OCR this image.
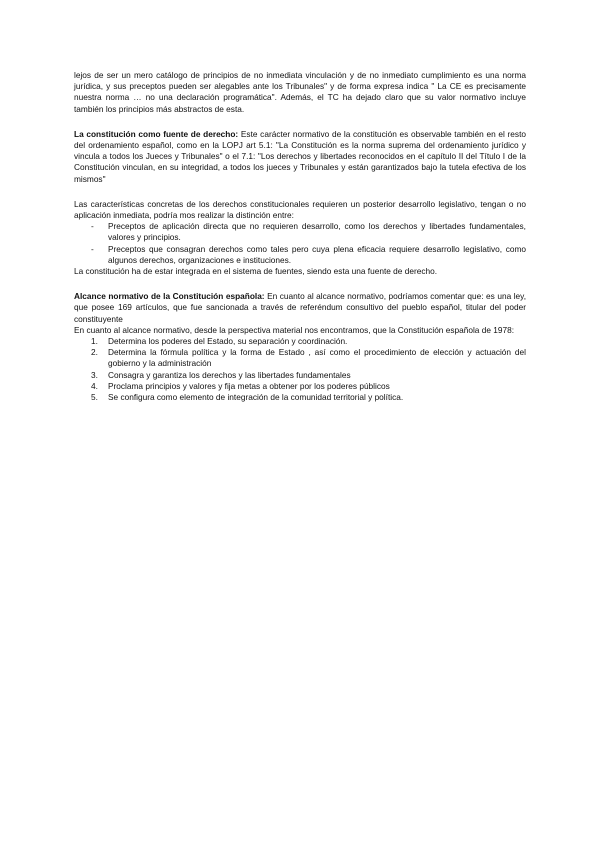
lejos de ser un mero catálogo de principios de no inmediata vinculación y de no inmediato cumplimiento es una norma jurídica, y sus preceptos pueden ser alegables ante los Tribunales" y de forma expresa indica " La CE es precisamente nuestra norma … no una declaración programática". Además, el TC ha dejado claro que su valor normativo incluye también los principios más abstractos de esta.

La constitución como fuente de derecho: Este carácter normativo de la constitución es observable también en el resto del ordenamiento español, como en la LOPJ art 5.1: "La Constitución es la norma suprema del ordenamiento jurídico y vincula a todos los Jueces y Tribunales" o el 7.1: "Los derechos y libertades reconocidos en el capítulo II del Título I de la Constitución vinculan, en su integridad, a todos los jueces y Tribunales y están garantizados bajo la tutela efectiva de los mismos"

Las características concretas de los derechos constitucionales requieren un posterior desarrollo legislativo, tengan o no aplicación inmediata, podría mos realizar la distinción entre:

- Preceptos de aplicación directa que no requieren desarrollo, como los derechos y libertades fundamentales, valores y principios.
- Preceptos que consagran derechos como tales pero cuya plena eficacia requiere desarrollo legislativo, como algunos derechos, organizaciones e instituciones.

La constitución ha de estar integrada en el sistema de fuentes, siendo esta una fuente de derecho.

Alcance normativo de la Constitución española: En cuanto al alcance normativo, podríamos comentar que: es una ley, que posee 169 artículos, que fue sancionada a través de referéndum consultivo del pueblo español, titular del poder constituyente

En cuanto al alcance normativo, desde la perspectiva material nos encontramos, que la Constitución española de 1978:

1. Determina los poderes del Estado, su separación y coordinación.
2. Determina la fórmula política y la forma de Estado , así como el procedimiento de elección y actuación del gobierno y la administración
3. Consagra y garantiza los derechos y las libertades fundamentales
4. Proclama principios y valores y fija metas a obtener por los poderes públicos
5. Se configura como elemento de integración de la comunidad territorial y política.
